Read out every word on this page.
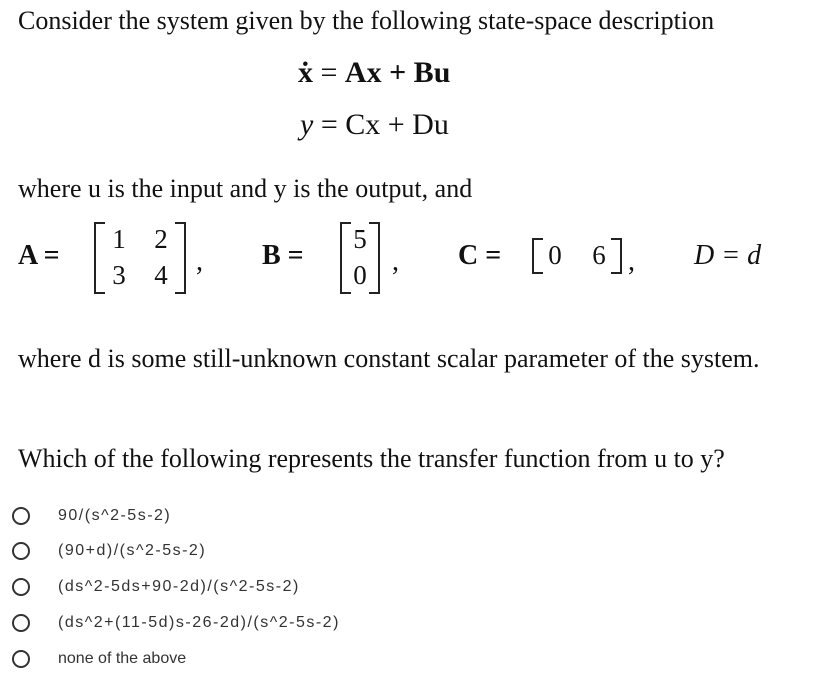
Consider the system given by the following state-space description
ẋ = Ax + Bu
y = Cx + Du
where u is the input and y is the output, and
A =
1	2
3	4 , B =
5
0 , C =	0	6 , D = d
where d is some still-unknown constant scalar parameter of the system.
Which of the following represents the transfer function from u to y?
90/(s^2-5s-2)
(90+d)/(s^2-5s-2)
(ds^2-5ds+90-2d)/(s^2-5s-2)
(ds^2+(11-5d)s-26-2d)/(s^2-5s-2)
none of the above
